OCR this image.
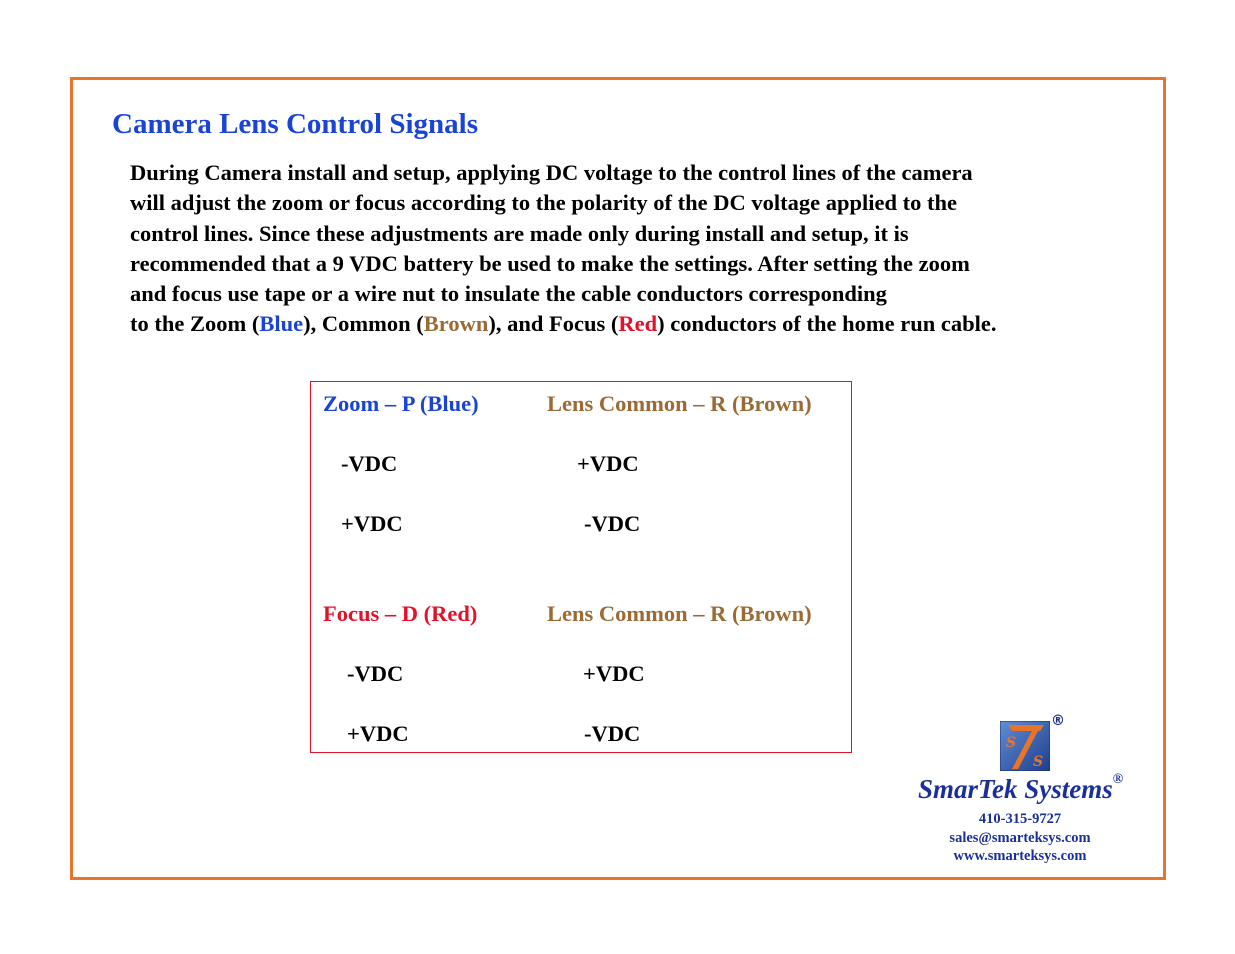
Camera Lens Control Signals
During Camera install and setup, applying DC voltage to the control lines of the camera
will adjust the zoom or focus according to the polarity of the DC voltage applied to the
control lines. Since these adjustments are made only during install and setup, it is
recommended that a 9 VDC battery be used to make the settings. After setting the zoom
and focus use tape or a wire nut to insulate the cable conductors corresponding
to the Zoom (Blue), Common (Brown), and Focus (Red) conductors of the home run cable.
Zoom – P (Blue)	Lens Common – R (Brown)
-VDC	+VDC
+VDC	-VDC
Focus – D (Red)	Lens Common – R (Brown)
-VDC	+VDC
+VDC	-VDC	S
S
®
SmarTek Systems®
410-315-9727
sales@smarteksys.com
www.smarteksys.com
